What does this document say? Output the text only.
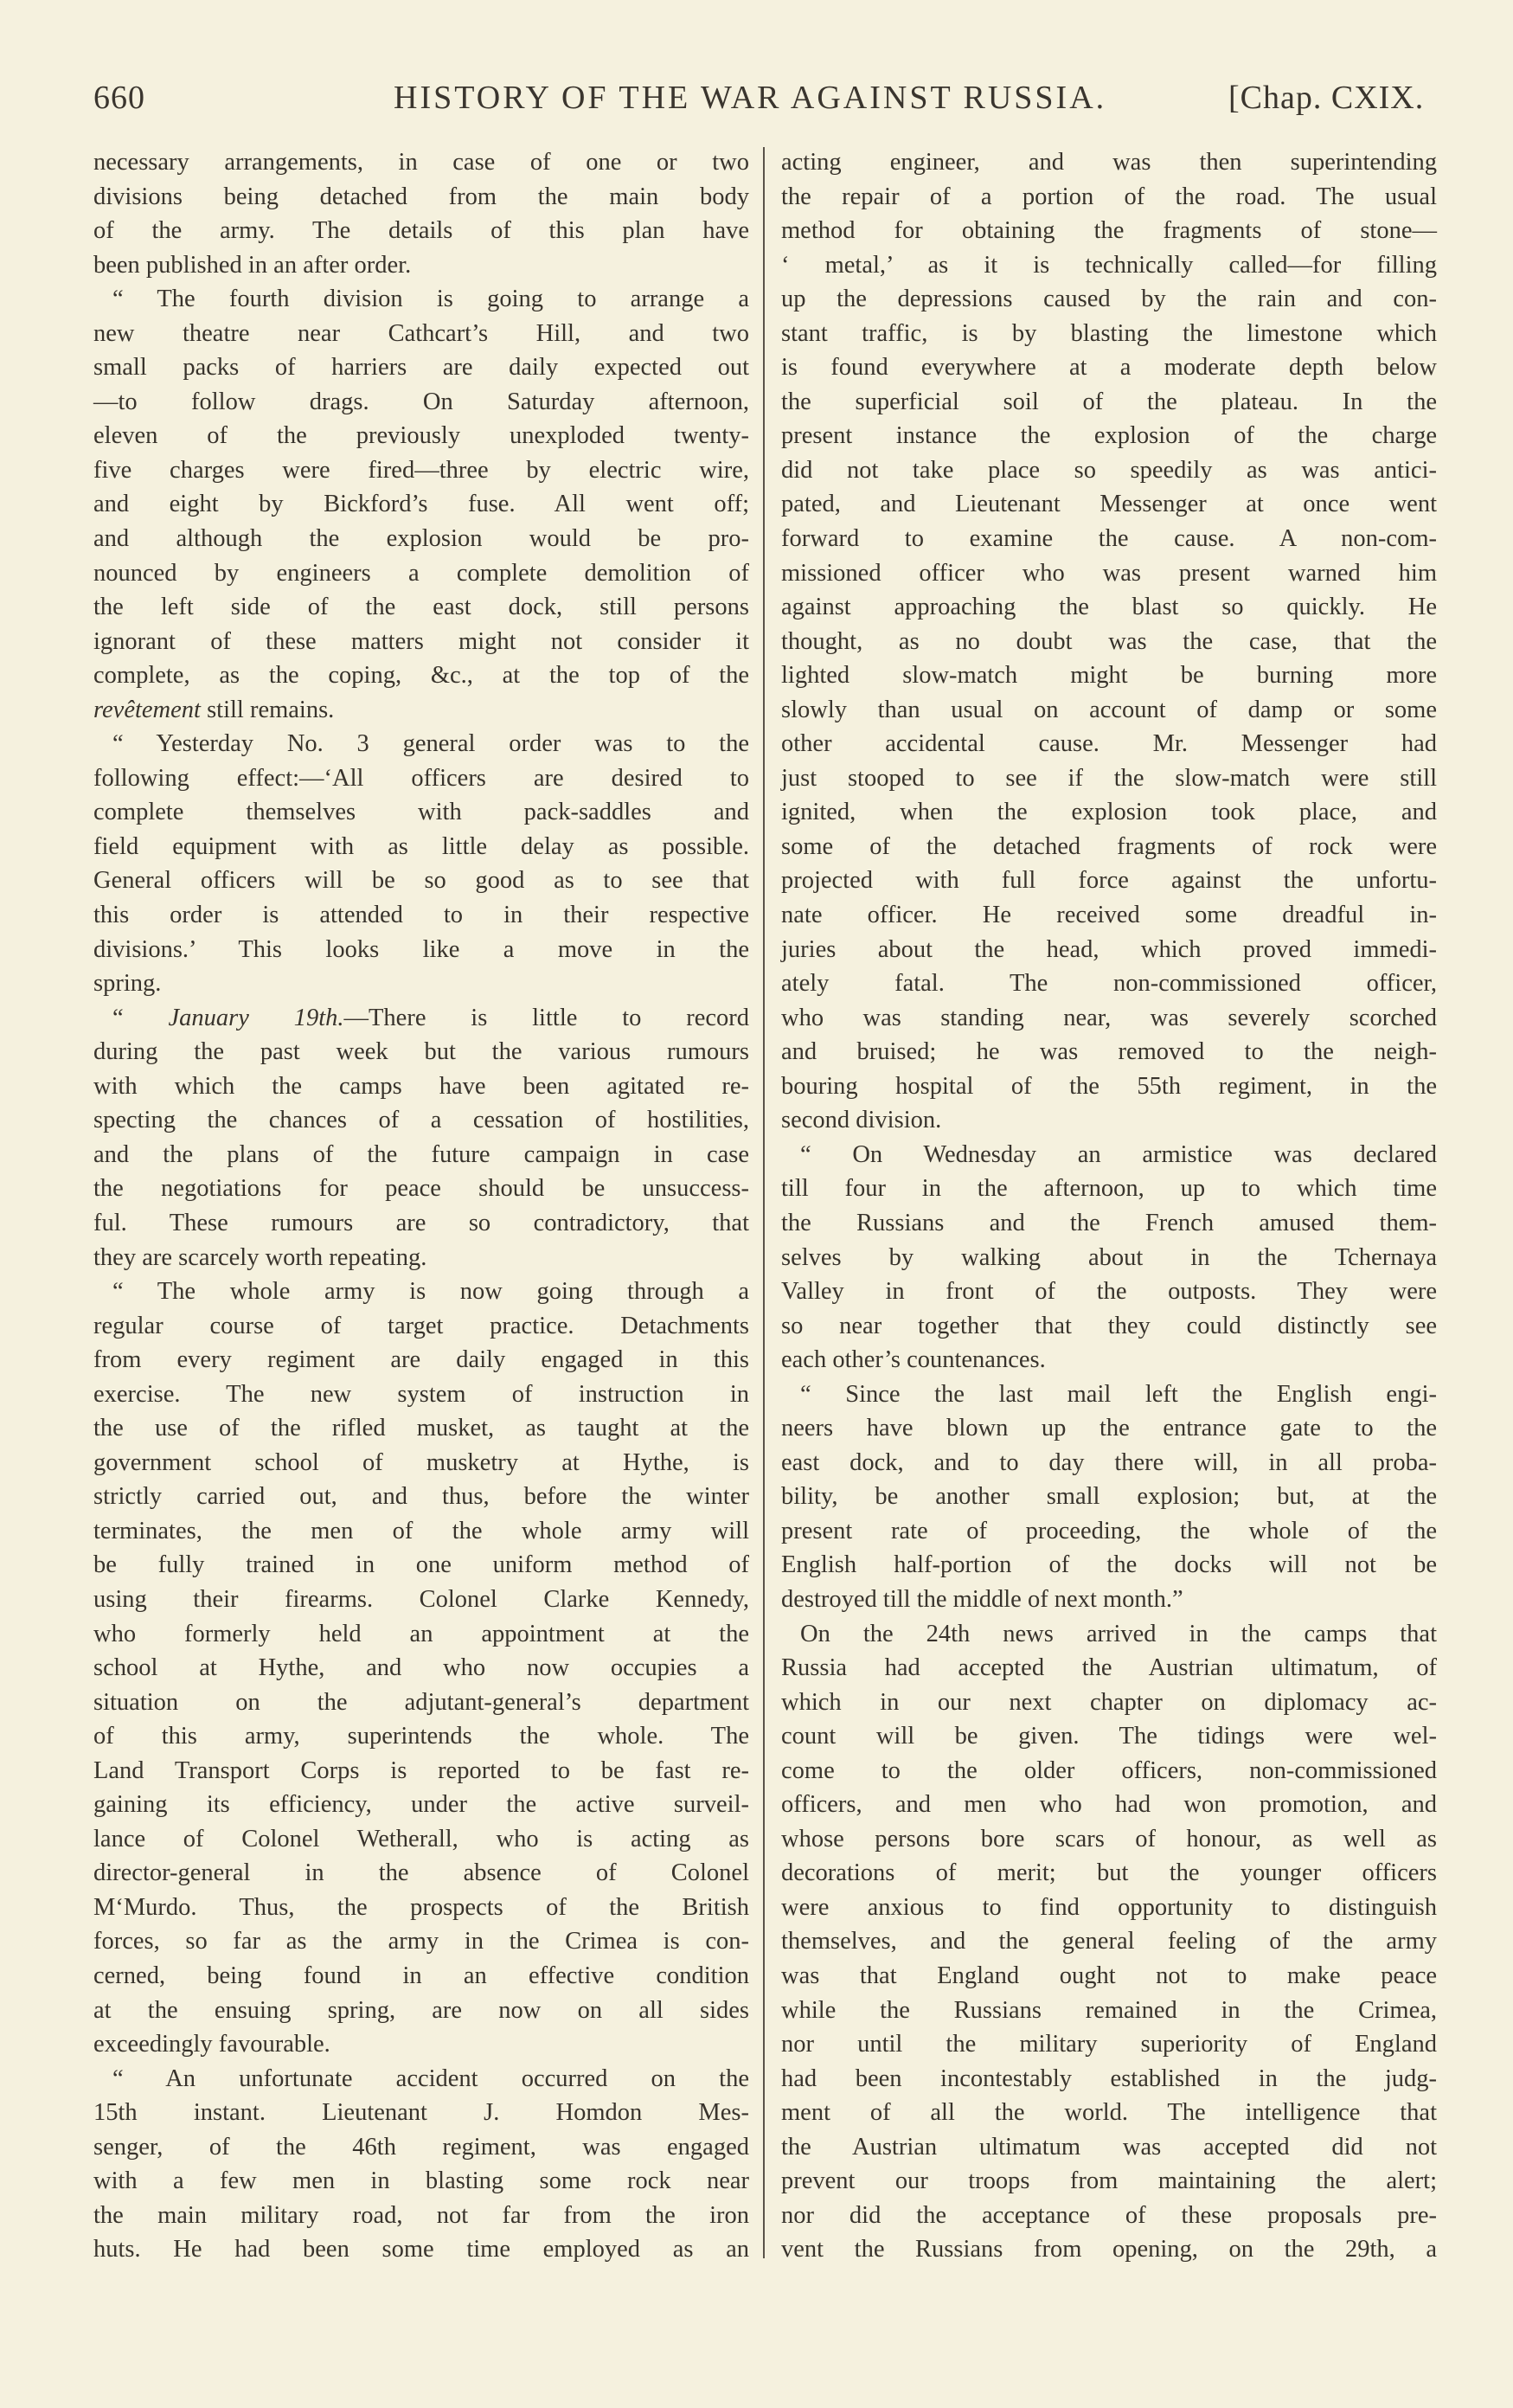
660	HISTORY OF THE WAR AGAINST RUSSIA.	[Chap. CXIX.
necessary arrangements, in case of one or two
divisions being detached from the main body
of the army. The details of this plan have
been published in an after order.
“ The fourth division is going to arrange a
new theatre near Cathcart’s Hill, and two
small packs of harriers are daily expected out
—to follow drags. On Saturday afternoon,
eleven of the previously unexploded twenty-
five charges were fired—three by electric wire,
and eight by Bickford’s fuse. All went off;
and although the explosion would be pro-
nounced by engineers a complete demolition of
the left side of the east dock, still persons
ignorant of these matters might not consider it
complete, as the coping, &c., at the top of the
revêtement still remains.
“ Yesterday No. 3 general order was to the
following effect:—‘All officers are desired to
complete themselves with pack-saddles and
field equipment with as little delay as possible.
General officers will be so good as to see that
this order is attended to in their respective
divisions.’ This looks like a move in the
spring.
“ January 19th.—There is little to record
during the past week but the various rumours
with which the camps have been agitated re-
specting the chances of a cessation of hostilities,
and the plans of the future campaign in case
the negotiations for peace should be unsuccess-
ful. These rumours are so contradictory, that
they are scarcely worth repeating.
“ The whole army is now going through a
regular course of target practice. Detachments
from every regiment are daily engaged in this
exercise. The new system of instruction in
the use of the rifled musket, as taught at the
government school of musketry at Hythe, is
strictly carried out, and thus, before the winter
terminates, the men of the whole army will
be fully trained in one uniform method of
using their firearms. Colonel Clarke Kennedy,
who formerly held an appointment at the
school at Hythe, and who now occupies a
situation on the adjutant-general’s department
of this army, superintends the whole. The
Land Transport Corps is reported to be fast re-
gaining its efficiency, under the active surveil-
lance of Colonel Wetherall, who is acting as
director-general in the absence of Colonel
M‘Murdo. Thus, the prospects of the British
forces, so far as the army in the Crimea is con-
cerned, being found in an effective condition
at the ensuing spring, are now on all sides
exceedingly favourable.
“ An unfortunate accident occurred on the
15th instant. Lieutenant J. Homdon Mes-
senger, of the 46th regiment, was engaged
with a few men in blasting some rock near
the main military road, not far from the iron
huts. He had been some time employed as an
acting engineer, and was then superintending
the repair of a portion of the road. The usual
method for obtaining the fragments of stone—
‘ metal,’ as it is technically called—for filling
up the depressions caused by the rain and con-
stant traffic, is by blasting the limestone which
is found everywhere at a moderate depth below
the superficial soil of the plateau. In the
present instance the explosion of the charge
did not take place so speedily as was antici-
pated, and Lieutenant Messenger at once went
forward to examine the cause. A non-com-
missioned officer who was present warned him
against approaching the blast so quickly. He
thought, as no doubt was the case, that the
lighted slow-match might be burning more
slowly than usual on account of damp or some
other accidental cause. Mr. Messenger had
just stooped to see if the slow-match were still
ignited, when the explosion took place, and
some of the detached fragments of rock were
projected with full force against the unfortu-
nate officer. He received some dreadful in-
juries about the head, which proved immedi-
ately fatal. The non-commissioned officer,
who was standing near, was severely scorched
and bruised; he was removed to the neigh-
bouring hospital of the 55th regiment, in the
second division.
“ On Wednesday an armistice was declared
till four in the afternoon, up to which time
the Russians and the French amused them-
selves by walking about in the Tchernaya
Valley in front of the outposts. They were
so near together that they could distinctly see
each other’s countenances.
“ Since the last mail left the English engi-
neers have blown up the entrance gate to the
east dock, and to day there will, in all proba-
bility, be another small explosion; but, at the
present rate of proceeding, the whole of the
English half-portion of the docks will not be
destroyed till the middle of next month.”
On the 24th news arrived in the camps that
Russia had accepted the Austrian ultimatum, of
which in our next chapter on diplomacy ac-
count will be given. The tidings were wel-
come to the older officers, non-commissioned
officers, and men who had won promotion, and
whose persons bore scars of honour, as well as
decorations of merit; but the younger officers
were anxious to find opportunity to distinguish
themselves, and the general feeling of the army
was that England ought not to make peace
while the Russians remained in the Crimea,
nor until the military superiority of England
had been incontestably established in the judg-
ment of all the world. The intelligence that
the Austrian ultimatum was accepted did not
prevent our troops from maintaining the alert;
nor did the acceptance of these proposals pre-
vent the Russians from opening, on the 29th, a
